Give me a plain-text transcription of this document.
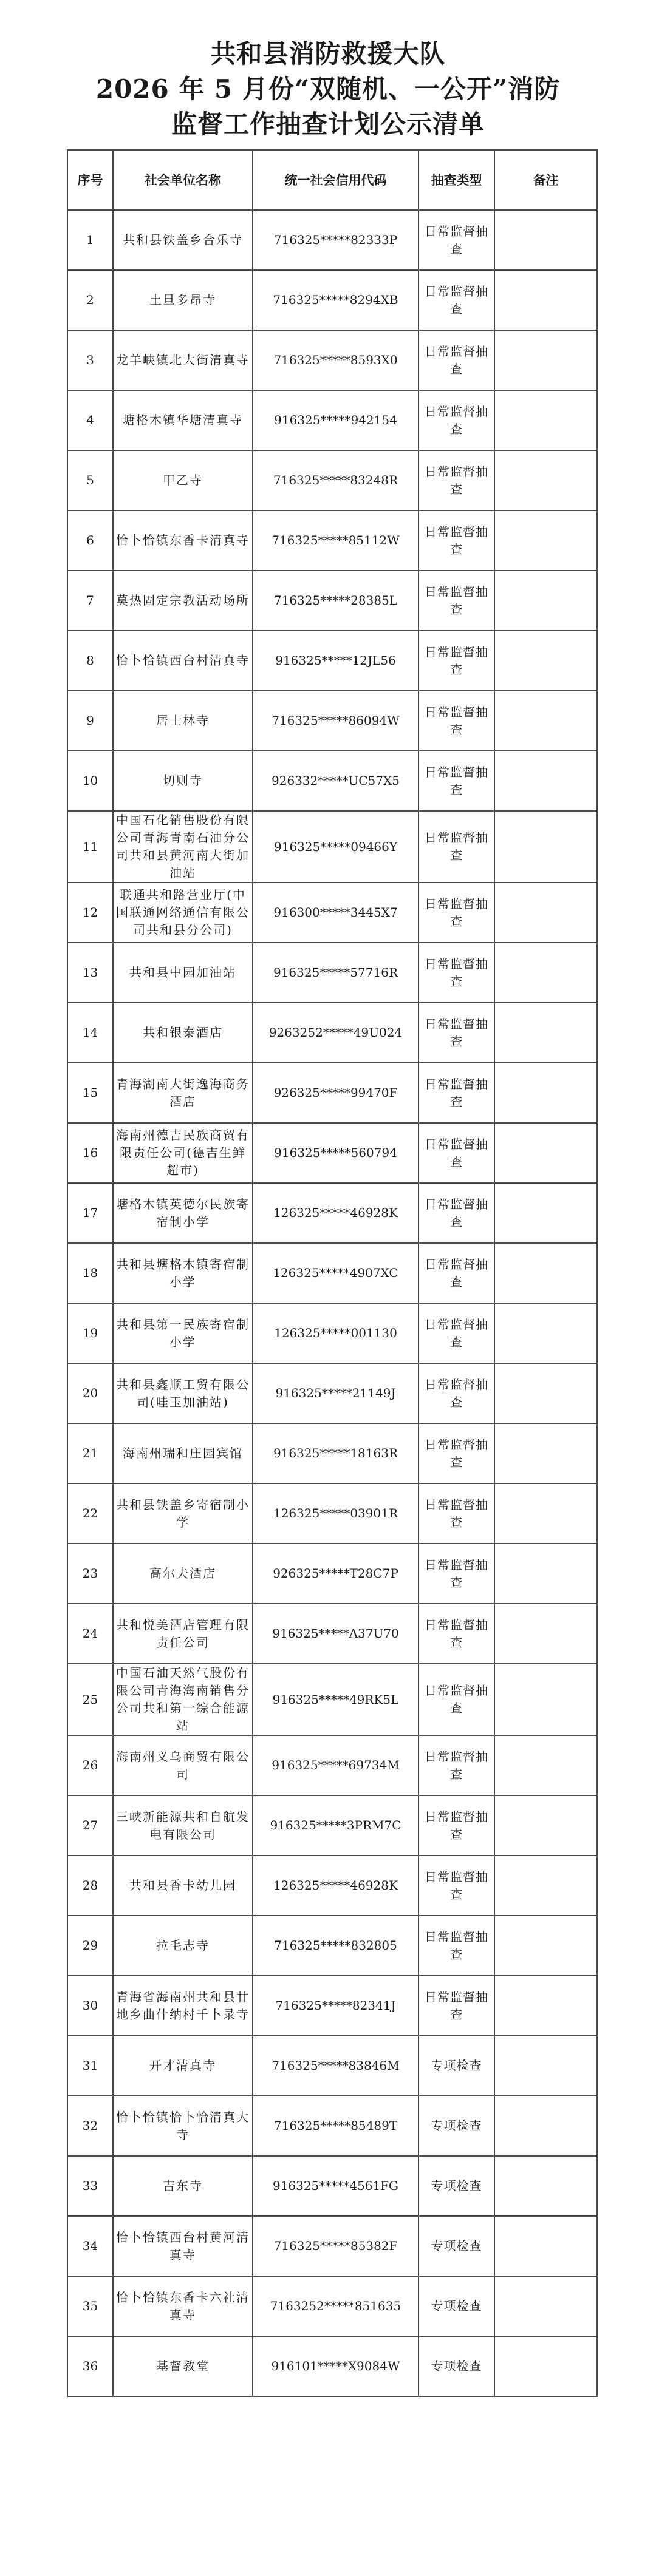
共和县消防救援大队
2026 年 5 月份“双随机、一公开”消防
监督工作抽查计划公示清单
序号	社会单位名称	统一社会信用代码	抽查类型	备注
1	共和县铁盖乡合乐寺	716325*****82333P	日常监督抽查	
2	土旦多昂寺	716325*****8294XB	日常监督抽查	
3	龙羊峡镇北大街清真寺	716325*****8593X0	日常监督抽查	
4	塘格木镇华塘清真寺	916325*****942154	日常监督抽查	
5	甲乙寺	716325*****83248R	日常监督抽查	
6	恰卜恰镇东香卡清真寺	716325*****85112W	日常监督抽查	
7	莫热固定宗教活动场所	716325*****28385L	日常监督抽查	
8	恰卜恰镇西台村清真寺	916325*****12JL56	日常监督抽查	
9	居士林寺	716325*****86094W	日常监督抽查	
10	切则寺	926332*****UC57X5	日常监督抽查	
11	中国石化销售股份有限公司青海青南石油分公司共和县黄河南大街加油站	916325*****09466Y	日常监督抽查	
12	联通共和路营业厅(中国联通网络通信有限公司共和县分公司)	916300*****3445X7	日常监督抽查	
13	共和县中园加油站	916325*****57716R	日常监督抽查	
14	共和银泰酒店	9263252*****49U024	日常监督抽查	
15	青海湖南大街逸海商务酒店	926325*****99470F	日常监督抽查	
16	海南州德吉民族商贸有限责任公司(德吉生鲜超市)	916325*****560794	日常监督抽查	
17	塘格木镇英德尔民族寄宿制小学	126325*****46928K	日常监督抽查	
18	共和县塘格木镇寄宿制小学	126325*****4907XC	日常监督抽查	
19	共和县第一民族寄宿制小学	126325*****001130	日常监督抽查	
20	共和县鑫顺工贸有限公司(哇玉加油站)	916325*****21149J	日常监督抽查	
21	海南州瑞和庄园宾馆	916325*****18163R	日常监督抽查	
22	共和县铁盖乡寄宿制小学	126325*****03901R	日常监督抽查	
23	高尔夫酒店	926325*****T28C7P	日常监督抽查	
24	共和悦美酒店管理有限责任公司	916325*****A37U70	日常监督抽查	
25	中国石油天然气股份有限公司青海海南销售分公司共和第一综合能源站	916325*****49RK5L	日常监督抽查	
26	海南州义乌商贸有限公司	916325*****69734M	日常监督抽查	
27	三峡新能源共和自航发电有限公司	916325*****3PRM7C	日常监督抽查	
28	共和县香卡幼儿园	126325*****46928K	日常监督抽查	
29	拉毛志寺	716325*****832805	日常监督抽查	
30	青海省海南州共和县廿地乡曲什纳村千卜录寺	716325*****82341J	日常监督抽查	
31	开才清真寺	716325*****83846M	专项检查	
32	恰卜恰镇恰卜恰清真大寺	716325*****85489T	专项检查	
33	吉东寺	916325*****4561FG	专项检查	
34	恰卜恰镇西台村黄河清真寺	716325*****85382F	专项检查	
35	恰卜恰镇东香卡六社清真寺	7163252*****851635	专项检查	
36	基督教堂	916101*****X9084W	专项检查	
